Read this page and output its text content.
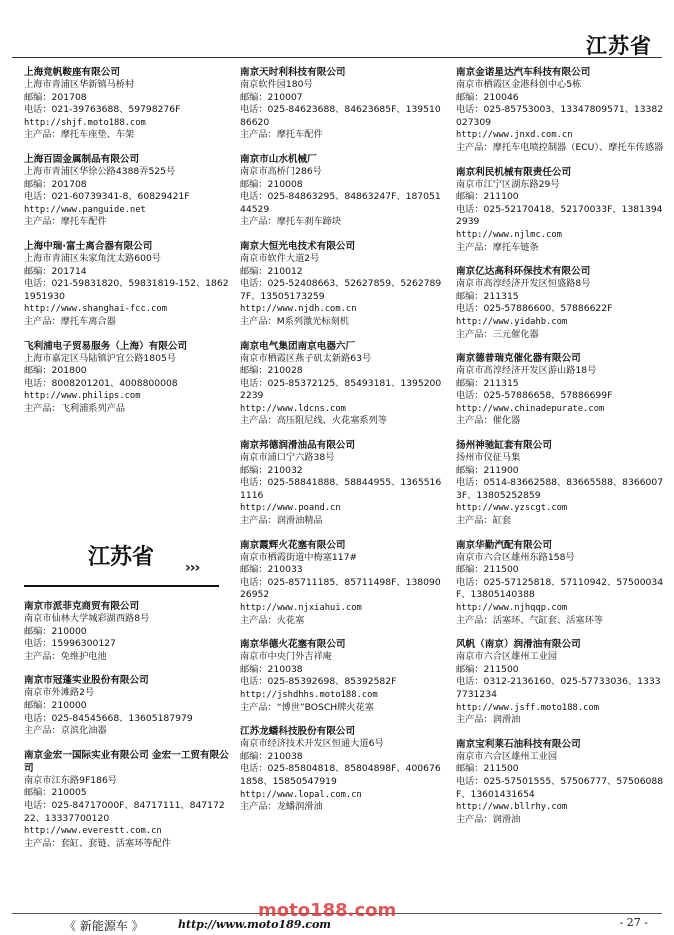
江苏省
上海竞帆鞍座有限公司
上海市青浦区华新镇马桥村
邮编：201708
电话：021-39763688、59798276F
http://shjf.moto188.com
主产品：摩托车座垫、车架
上海百固金属制品有限公司
上海市青浦区华徐公路4388弄525号
邮编：201708
电话：021-60739341-8、60829421F
http://www.panguide.net
主产品：摩托车配件
上海中瑞·富士离合器有限公司
上海市青浦区朱家角沈太路600号
邮编：201714
电话：021-59831820、59831819-152、18621951930
http://www.shanghai-fcc.com
主产品：摩托车离合器
飞利浦电子贸易服务（上海）有限公司
上海市嘉定区马陆镇沪宜公路1805号
邮编：201800
电话：8008201201、4008800008
http://www.philips.com
主产品：飞利浦系列产品
南京市派菲克商贸有限公司
南京市仙林大学城彩湖西路8号
邮编：210000
电话：15996300127
主产品：免维护电池
南京市冠蓬实业股份有限公司
南京市外滩路2号
邮编：210000
电话：025-84545668、13605187979
主产品：京滨化油器
南京金宏一国际实业有限公司 金宏一工贸有限公司
南京市江东路9F186号
邮编：210005
电话：025-84717000F、84717111、84717222、13337700120
http://www.everestt.com.cn
主产品：套缸、套链、活塞环等配件
江苏省 ›››
南京天时利科技有限公司
南京软件园180号
邮编：210007
电话：025-84623688、84623685F、13951086620
主产品：摩托车配件
南京市山水机械厂
南京市高桥门286号
邮编：210008
电话：025-84863295、84863247F、18705144529
主产品：摩托车刹车蹄块
南京大恒光电技术有限公司
南京市软件大道2号
邮编：210012
电话：025-52408663、52627859、52627897F、13505173259
http://www.njdh.com.cn
主产品：M系列激光标刻机
南京电气集团南京电器六厂
南京市栖霞区燕子矶太新路63号
邮编：210028
电话：025-85372125、85493181、13952002239
http://www.ldcns.com
主产品：高压阻尼线、火花塞系列等
南京邦德润滑油品有限公司
南京市浦口宁六路38号
邮编：210032
电话：025-58841888、58844955、13655161116
http://www.poand.cn
主产品：润滑油精品
南京霞辉火花塞有限公司
南京市栖霞街道中梅塞117#
邮编：210033
电话：025-85711185、85711498F、13809026952
http://www.njxiahui.com
主产品：火花塞
南京华德火花塞有限公司
南京市中央门外吉祥庵
邮编：210038
电话：025-85392698、85392582F
http://jshdhhs.moto188.com
主产品：“博世”BOSCH牌火花塞
江苏龙蟠科技股份有限公司
南京市经济技术开发区恒通大道6号
邮编：210038
电话：025-85804818、85804898F、4006761858、15850547919
http://www.lopal.com.cn
主产品：龙蟠润滑油
南京金诺星达汽车科技有限公司
南京市栖霞区金港科创中心5栋
邮编：210046
电话：025-85753003、13347809571、13382027309
http://www.jnxd.com.cn
主产品：摩托车电喷控制器（ECU）、摩托车传感器
南京利民机械有限责任公司
南京市江宁区湖东路29号
邮编：211100
电话：025-52170418、52170033F、13813942939
http://www.njlmc.com
主产品：摩托车链条
南京亿达高科环保技术有限公司
南京市高淳经济开发区恒盛路8号
邮编：211315
电话：025-57886600、57886622F
http://www.yidahb.com
主产品：三元催化器
南京德普瑞克催化器有限公司
南京市高淳经济开发区游山路18号
邮编：211315
电话：025-57886658、57886699F
http://www.chinadepurate.com
主产品：催化器
扬州神驰缸套有限公司
扬州市仪征马集
邮编：211900
电话：0514-83662588、83665588、83660073F、13805252859
http://www.yzscgt.com
主产品：缸套
南京华勤汽配有限公司
南京市六合区雄州东路158号
邮编：211500
电话：025-57125818、57110942、57500034F、13805140388
http://www.njhqqp.com
主产品：活塞环、气缸套、活塞环等
风帆（南京）润滑油有限公司
南京市六合区雄州工业园
邮编：211500
电话：0312-2136160、025-57733036、13337731234
http://www.jsff.moto188.com
主产品：润滑油
南京宝利莱石油科技有限公司
南京市六合区雄州工业园
邮编：211500
电话：025-57501555、57506777、57506088F、13601431654
http://www.bllrhy.com
主产品：润滑油
《 新能源车 》	http://www.moto189.com
moto188.com
- 27 -
